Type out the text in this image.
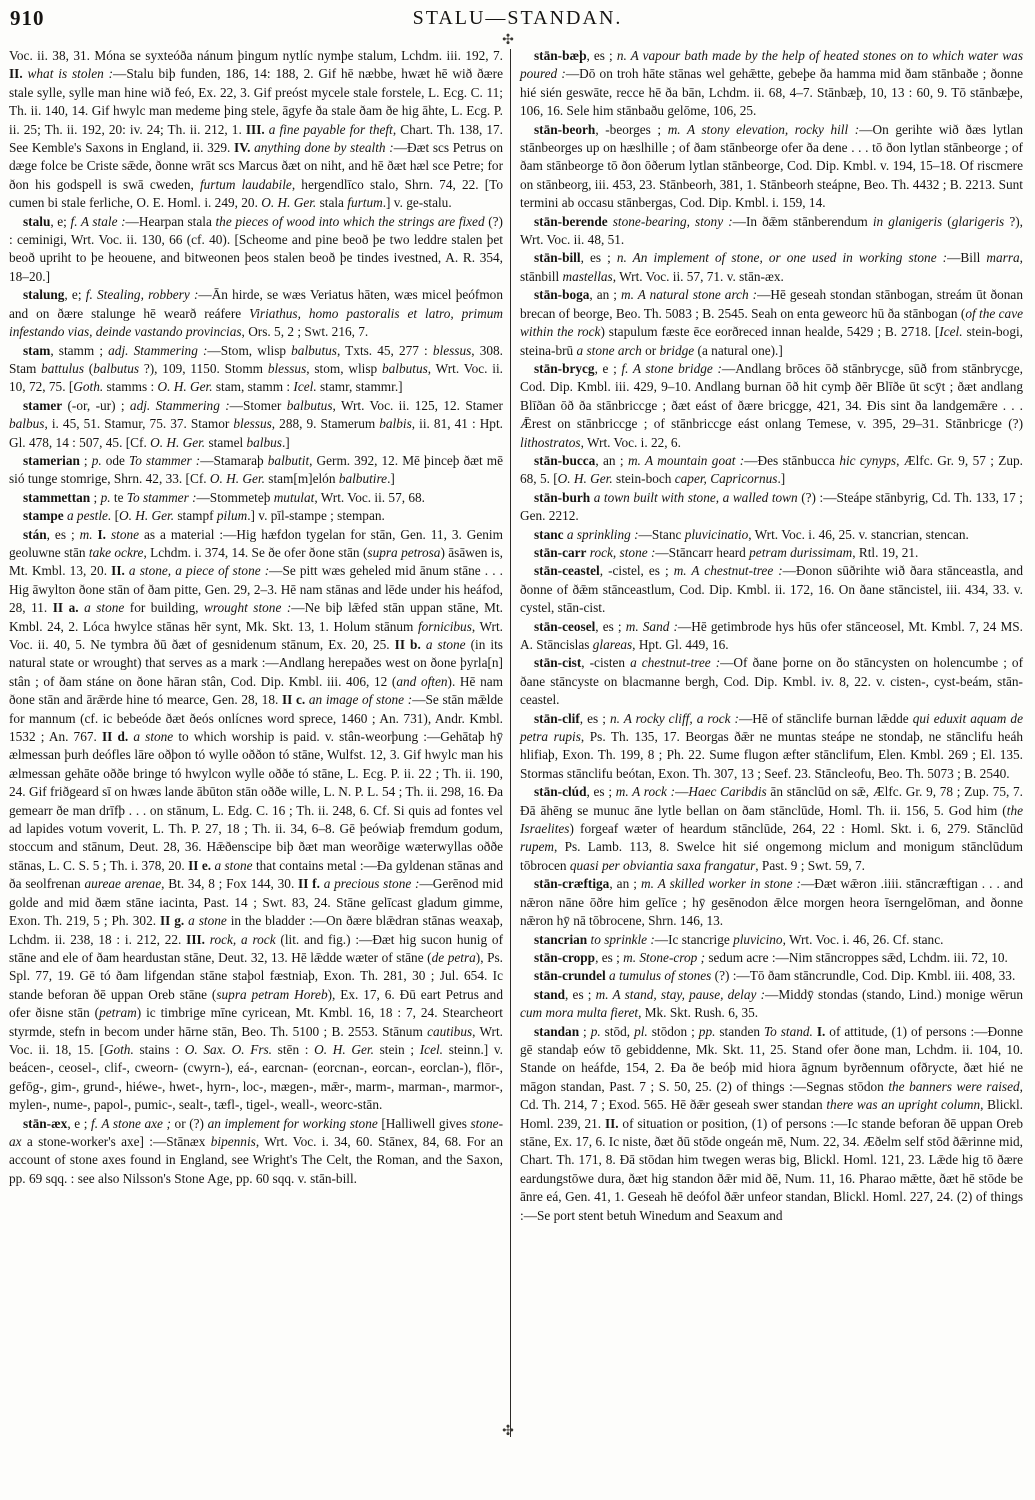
910	STALU—STANDAN.
✣

Voc. ii. 38, 31. Móna se syxteóða nánum þingum nytlíc nymþe stalum, Lchdm. iii. 192, 7. II. what is stolen :—Stalu biþ funden, 186, 14: 188, 2. Gif hē næbbe, hwæt hē wið ðære stale sylle, sylle man hine wið feó, Ex. 22, 3. Gif preóst mycele stale forstele, L. Ecg. C. 11; Th. ii. 140, 14. Gif hwylc man medeme þing stele, āgyfe ða stale ðam ðe hig āhte, L. Ecg. P. ii. 25; Th. ii. 192, 20: iv. 24; Th. ii. 212, 1. III. a fine payable for theft, Chart. Th. 138, 17. See Kemble's Saxons in England, ii. 329. IV. anything done by stealth :—Ðæt scs Petrus on dæge folce be Criste sǣde, ðonne wrāt scs Marcus ðæt on niht, and hē ðæt hæl sce Petre; for ðon his godspell is swā cweden, furtum laudabile, hergendlīco stalo, Shrn. 74, 22. [To cumen bi stale ferliche, O. E. Homl. i. 249, 20. O. H. Ger. stala furtum.] v. ge-stalu.

stalu, e; f. A stale :—Hearpan stala the pieces of wood into which the strings are fixed (?) : ceminigi, Wrt. Voc. ii. 130, 66 (cf. 40). [Scheome and pine beoð þe two leddre stalen þet beoð upriht to þe heouene, and bitweonen þeos stalen beoð þe tindes ivestned, A. R. 354, 18–20.]

stalung, e; f. Stealing, robbery :—Ān hirde, se wæs Veriatus hāten, wæs micel þeófmon and on ðære stalunge hē wearð reáfere Viriathus, homo pastoralis et latro, primum infestando vias, deinde vastando provincias, Ors. 5, 2 ; Swt. 216, 7.

stam, stamm ; adj. Stammering :—Stom, wlisp balbutus, Txts. 45, 277 : blessus, 308. Stam battulus (balbutus ?), 109, 1150. Stomm blessus, stom, wlisp balbutus, Wrt. Voc. ii. 10, 72, 75. [Goth. stamms : O. H. Ger. stam, stamm : Icel. stamr, stammr.]

stamer (-or, -ur) ; adj. Stammering :—Stomer balbutus, Wrt. Voc. ii. 125, 12. Stamer balbus, i. 45, 51. Stamur, 75. 37. Stamor blessus, 288, 9. Stamerum balbis, ii. 81, 41 : Hpt. Gl. 478, 14 : 507, 45. [Cf. O. H. Ger. stamel balbus.]

stamerian ; p. ode To stammer :—Stamaraþ balbutit, Germ. 392, 12. Mē þinceþ ðæt mē sió tunge stomrige, Shrn. 42, 33. [Cf. O. H. Ger. stam[m]elón balbutire.]

stammettan ; p. te To stammer :—Stommeteþ mutulat, Wrt. Voc. ii. 57, 68.

stampe a pestle. [O. H. Ger. stampf pilum.] v. pīl-stampe ; stempan.

stán, es ; m. I. stone as a material :—Hig hæfdon tygelan for stān, Gen. 11, 3. Genim geoluwne stān take ockre, Lchdm. i. 374, 14. Se ðe ofer ðone stān (supra petrosa) āsāwen is, Mt. Kmbl. 13, 20. II. a stone, a piece of stone :—Se pitt wæs geheled mid ānum stāne . . . Hig āwylton ðone stān of ðam pitte, Gen. 29, 2–3. Hē nam stānas and lēde under his heáfod, 28, 11. II a. a stone for building, wrought stone :—Ne biþ lǣfed stān uppan stāne, Mt. Kmbl. 24, 2. Lóca hwylce stānas hēr synt, Mk. Skt. 13, 1. Holum stānum fornicibus, Wrt. Voc. ii. 40, 5. Ne tymbra ðū ðæt of gesnidenum stānum, Ex. 20, 25. II b. a stone (in its natural state or wrought) that serves as a mark :—Andlang herepaðes west on ðone þyrla[n] stân ; of ðam stáne on ðone hāran stân, Cod. Dip. Kmbl. iii. 406, 12 (and often). Hē nam ðone stān and ārǣrde hine tó mearce, Gen. 28, 18. II c. an image of stone :—Se stān mǣlde for mannum (cf. ic bebeóde ðæt ðeós onlícnes word sprece, 1460 ; An. 731), Andr. Kmbl. 1532 ; An. 767. II d. a stone to which worship is paid. v. stân-weorþung :—Gehātaþ hȳ ælmessan þurh deófles lāre oðþon tó wylle oððon tó stāne, Wulfst. 12, 3. Gif hwylc man his ælmessan gehāte oððe bringe tó hwylcon wylle oððe tó stāne, L. Ecg. P. ii. 22 ; Th. ii. 190, 24. Gif friðgeard sī on hwæs lande ābūton stān oððe wille, L. N. P. L. 54 ; Th. ii. 298, 16. Ða gemearr ðe man drīfþ . . . on stānum, L. Edg. C. 16 ; Th. ii. 248, 6. Cf. Si quis ad fontes vel ad lapides votum voverit, L. Th. P. 27, 18 ; Th. ii. 34, 6–8. Gē þeówiaþ fremdum godum, stoccum and stānum, Deut. 28, 36. Hǣðenscipe biþ ðæt man weorðige wæterwyllas oððe stānas, L. C. S. 5 ; Th. i. 378, 20. II e. a stone that contains metal :—Ða gyldenan stānas and ða seolfrenan aureae arenae, Bt. 34, 8 ; Fox 144, 30. II f. a precious stone :—Gerēnod mid golde and mid ðæm stāne iacinta, Past. 14 ; Swt. 83, 24. Stāne gelīcast gladum gimme, Exon. Th. 219, 5 ; Ph. 302. II g. a stone in the bladder :—On ðære blǣdran stānas weaxaþ, Lchdm. ii. 238, 18 : i. 212, 22. III. rock, a rock (lit. and fig.) :—Ðæt hig sucon hunig of stāne and ele of ðam heardustan stāne, Deut. 32, 13. Hē lǣdde wæter of stāne (de petra), Ps. Spl. 77, 19. Gē tó ðam lifgendan stāne staþol fæstniaþ, Exon. Th. 281, 30 ; Jul. 654. Ic stande beforan ðē uppan Oreb stāne (supra petram Horeb), Ex. 17, 6. Ðū eart Petrus and ofer ðisne stān (petram) ic timbrige mīne cyricean, Mt. Kmbl. 16, 18 : 7, 24. Stearcheort styrmde, stefn in becom under hārne stān, Beo. Th. 5100 ; B. 2553. Stānum cautibus, Wrt. Voc. ii. 18, 15. [Goth. stains : O. Sax. O. Frs. stēn : O. H. Ger. stein ; Icel. steinn.] v. beácen-, ceosel-, clif-, cweorn- (cwyrn-), eá-, earcnan- (eorcnan-, eorcan-, eorclan-), flōr-, gefōg-, gim-, grund-, hiéwe-, hwet-, hyrn-, loc-, mægen-, mǣr-, marm-, marman-, marmor-, mylen-, nume-, papol-, pumic-, sealt-, tæfl-, tigel-, weall-, weorc-stān.

stān-æx, e ; f. A stone axe ; or (?) an implement for working stone [Halliwell gives stone-ax a stone-worker's axe] :—Stānæx bipennis, Wrt. Voc. i. 34, 60. Stānex, 84, 68. For an account of stone axes found in England, see Wright's The Celt, the Roman, and the Saxon, pp. 69 sqq. : see also Nilsson's Stone Age, pp. 60 sqq. v. stān-bill.

stān-bæþ, es ; n. A vapour bath made by the help of heated stones on to which water was poured :—Dō on troh hāte stānas wel gehǣtte, gebeþe ða hamma mid ðam stānbaðe ; ðonne hié sién geswāte, recce hē ða bān, Lchdm. ii. 68, 4–7. Stānbæþ, 10, 13 : 60, 9. Tō stānbæþe, 106, 16. Sele him stānbaðu gelōme, 106, 25.

stān-beorh, -beorges ; m. A stony elevation, rocky hill :—On gerihte wið ðæs lytlan stānbeorges up on hæslhille ; of ðam stānbeorge ofer ða dene . . . tō ðon lytlan stānbeorge ; of ðam stānbeorge tō ðon ōðerum lytlan stānbeorge, Cod. Dip. Kmbl. v. 194, 15–18. Of riscmere on stānbeorg, iii. 453, 23. Stānbeorh, 381, 1. Stānbeorh steápne, Beo. Th. 4432 ; B. 2213. Sunt termini ab occasu stānbergas, Cod. Dip. Kmbl. i. 159, 14.

stān-berende stone-bearing, stony :—In ðǣm stānberendum in glanigeris (glarigeris ?), Wrt. Voc. ii. 48, 51.

stān-bill, es ; n. An implement of stone, or one used in working stone :—Bill marra, stānbill mastellas, Wrt. Voc. ii. 57, 71. v. stān-æx.

stān-boga, an ; m. A natural stone arch :—Hē geseah stondan stānbogan, streám ūt ðonan brecan of beorge, Beo. Th. 5083 ; B. 2545. Seah on enta geweorc hū ða stānbogan (of the cave within the rock) stapulum fæste ēce eorðreced innan healde, 5429 ; B. 2718. [Icel. stein-bogi, steina-brū a stone arch or bridge (a natural one).]

stān-brycg, e ; f. A stone bridge :—Andlang brōces ōð stānbrycge, sūð from stānbrycge, Cod. Dip. Kmbl. iii. 429, 9–10. Andlang burnan ōð hit cymþ ðēr Blīðe ūt scȳt ; ðæt andlang Blīðan ōð ða stānbriccge ; ðæt eást of ðære bricgge, 421, 34. Ðis sint ða landgemǣre . . . Ǣrest on stānbriccge ; of stānbriccge eást onlang Temese, v. 395, 29–31. Stānbricge (?) lithostratos, Wrt. Voc. i. 22, 6.

stān-bucca, an ; m. A mountain goat :—Ðes stānbucca hic cynyps, Ælfc. Gr. 9, 57 ; Zup. 68, 5. [O. H. Ger. stein-boch caper, Capricornus.]

stān-burh a town built with stone, a walled town (?) :—Steápe stānbyrig, Cd. Th. 133, 17 ; Gen. 2212.

stanc a sprinkling :—Stanc pluvicinatio, Wrt. Voc. i. 46, 25. v. stancrian, stencan.

stān-carr rock, stone :—Stāncarr heard petram durissimam, Rtl. 19, 21.

stān-ceastel, -cistel, es ; m. A chestnut-tree :—Ðonon sūðrihte wið ðara stānceastla, and ðonne of ðǣm stānceastlum, Cod. Dip. Kmbl. ii. 172, 16. On ðane stāncistel, iii. 434, 33. v. cystel, stān-cist.

stān-ceosel, es ; m. Sand :—Hē getimbrode hys hūs ofer stānceosel, Mt. Kmbl. 7, 24 MS. A. Stāncislas glareas, Hpt. Gl. 449, 16.

stān-cist, -cisten a chestnut-tree :—Of ðane þorne on ðo stāncysten on holencumbe ; of ðane stāncyste on blacmanne bergh, Cod. Dip. Kmbl. iv. 8, 22. v. cisten-, cyst-beám, stān-ceastel.

stān-clif, es ; n. A rocky cliff, a rock :—Hē of stānclife burnan lǣdde qui eduxit aquam de petra rupis, Ps. Th. 135, 17. Beorgas ðǣr ne muntas steápe ne stondaþ, ne stānclifu heáh hlifiaþ, Exon. Th. 199, 8 ; Ph. 22. Sume flugon æfter stānclifum, Elen. Kmbl. 269 ; El. 135. Stormas stānclifu beótan, Exon. Th. 307, 13 ; Seef. 23. Stāncleofu, Beo. Th. 5073 ; B. 2540.

stān-clúd, es ; m. A rock :—Haec Caribdis ān stānclūd on sǣ, Ælfc. Gr. 9, 78 ; Zup. 75, 7. Ðā āhēng se munuc āne lytle bellan on ðam stānclūde, Homl. Th. ii. 156, 5. God him (the Israelites) forgeaf wæter of heardum stānclūde, 264, 22 : Homl. Skt. i. 6, 279. Stānclūd rupem, Ps. Lamb. 113, 8. Swelce hit sié ongemong miclum and monigum stānclūdum tōbrocen quasi per obviantia saxa frangatur, Past. 9 ; Swt. 59, 7.

stān-cræftiga, an ; m. A skilled worker in stone :—Ðæt wǣron .iiii. stāncræftigan . . . and nǣron nāne ōðre him gelīce ; hȳ gesēnodon ǣlce morgen heora īserngelōman, and ðonne nǣron hȳ nā tōbrocene, Shrn. 146, 13.

stancrian to sprinkle :—Ic stancrige pluvicino, Wrt. Voc. i. 46, 26. Cf. stanc.

stān-cropp, es ; m. Stone-crop ; sedum acre :—Nim stāncroppes sǣd, Lchdm. iii. 72, 10.

stān-crundel a tumulus of stones (?) :—Tō ðam stāncrundle, Cod. Dip. Kmbl. iii. 408, 33.

stand, es ; m. A stand, stay, pause, delay :—Middȳ stondas (stando, Lind.) monige wērun cum mora multa fieret, Mk. Skt. Rush. 6, 35.

standan ; p. stōd, pl. stōdon ; pp. standen To stand. I. of attitude, (1) of persons :—Ðonne gē standaþ eów tō gebiddenne, Mk. Skt. 11, 25. Stand ofer ðone man, Lchdm. ii. 104, 10. Stande on heáfde, 154, 2. Ða ðe beóþ mid hiora āgnum byrðennum ofðrycte, ðæt hié ne māgon standan, Past. 7 ; S. 50, 25. (2) of things :—Segnas stōdon the banners were raised, Cd. Th. 214, 7 ; Exod. 565. Hē ðǣr geseah swer standan there was an upright column, Blickl. Homl. 239, 21. II. of situation or position, (1) of persons :—Ic stande beforan ðē uppan Oreb stāne, Ex. 17, 6. Ic niste, ðæt ðū stōde ongeán mē, Num. 22, 34. Æðelm self stōd ðǣrinne mid, Chart. Th. 171, 8. Ðā stōdan him twegen weras big, Blickl. Homl. 121, 23. Lǣde hig tō ðære eardungstōwe dura, ðæt hig standon ðǣr mid ðē, Num. 11, 16. Pharao mǣtte, ðæt hē stōde be ānre eá, Gen. 41, 1. Geseah hē deófol ðǣr unfeor standan, Blickl. Homl. 227, 24. (2) of things :—Se port stent betuh Winedum and Seaxum and

✣
